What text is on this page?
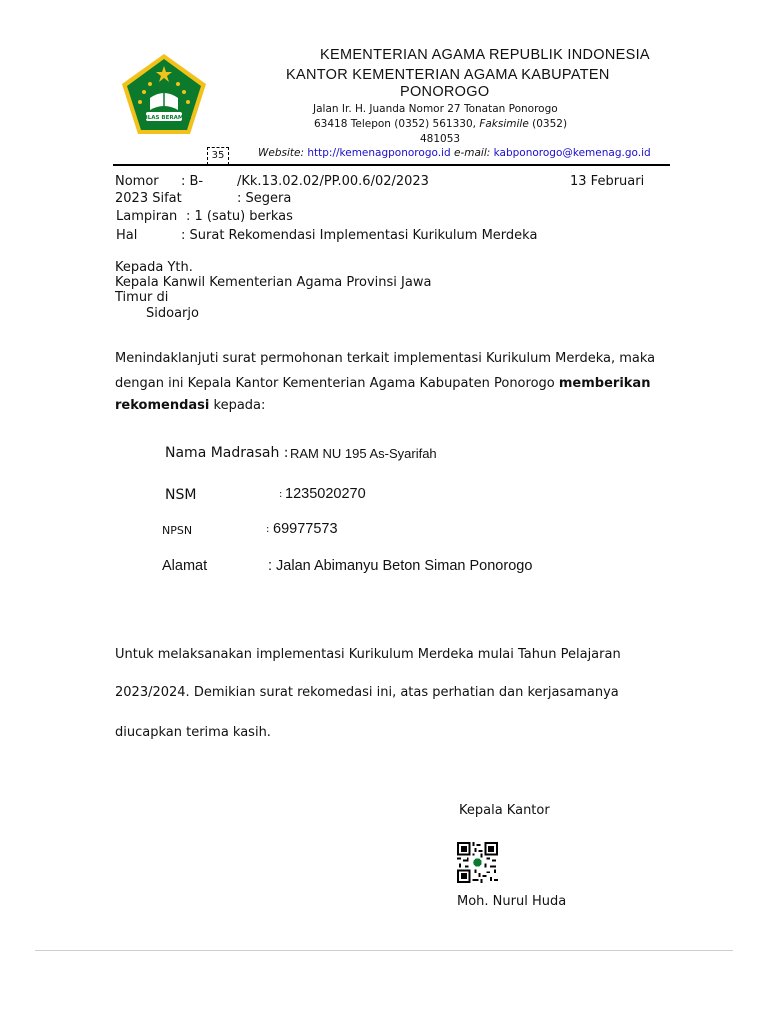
IKHLAS BERAMAL
KEMENTERIAN AGAMA REPUBLIK INDONESIA
KANTOR KEMENTERIAN AGAMA KABUPATEN
PONOROGO
Jalan Ir. H. Juanda Nomor 27 Tonatan Ponorogo
63418 Telepon (0352) 561330, Faksimile (0352)
481053
35	Website: http://kemenagponorogo.id e-mail: kabponorogo@kemenag.go.id
Nomor : B-	/Kk.13.02.02/PP.00.6/02/2023	13 Februari
2023 Sifat	: Segera
Lampiran : 1 (satu) berkas
Hal	: Surat Rekomendasi Implementasi Kurikulum Merdeka
Kepada Yth.
Kepala Kanwil Kementerian Agama Provinsi Jawa
Timur di
Sidoarjo
Menindaklanjuti surat permohonan terkait implementasi Kurikulum Merdeka, maka
dengan ini Kepala Kantor Kementerian Agama Kabupaten Ponorogo memberikan
rekomendasi kepada:
Nama Madrasah : RAM NU 195 As-Syarifah
NSM	: 1235020270
NPSN	: 69977573
Alamat	: Jalan Abimanyu Beton Siman Ponorogo
Untuk melaksanakan implementasi Kurikulum Merdeka mulai Tahun Pelajaran
2023/2024. Demikian surat rekomedasi ini, atas perhatian dan kerjasamanya
diucapkan terima kasih.
Kepala Kantor
Moh. Nurul Huda
